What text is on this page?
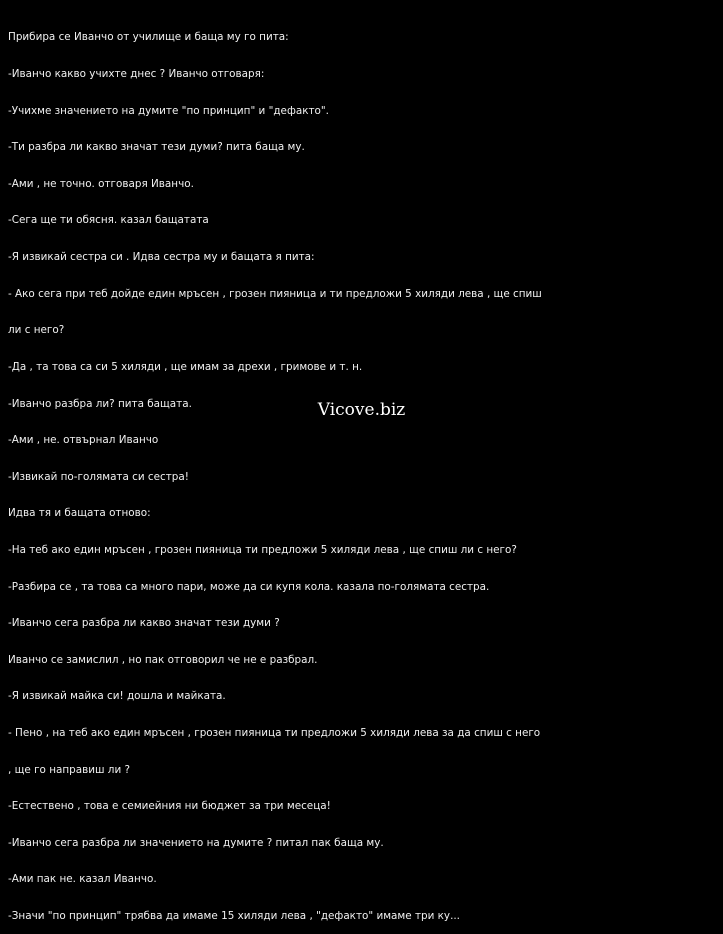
Прибира се Иванчо от училище и баща му го пита:

-Иванчо какво учихте днес ? Иванчо отговаря:

-Учихме значението на думите "по принцип" и "дефакто".

-Ти разбра ли какво значат тези думи? пита баща му.

-Ами , не точно. отговаря Иванчо.

-Сега ще ти обясня. казал бащатата

-Я извикай сестра си . Идва сестра му и бащата я пита:

- Ако сега при теб дойде един мръсен , грозен пияница и ти предложи 5 хиляди лева , ще спиш

ли с него?

-Да , та това са си 5 хиляди , ще имам за дрехи , гримове и т. н.

-Иванчо разбра ли? пита бащата.

-Ами , не. отвърнал Иванчо

-Извикай по-голямата си сестра!

Идва тя и бащата отново:

-На теб ако един мръсен , грозен пияница ти предложи 5 хиляди лева , ще спиш ли с него?

-Разбира се , та това са много пари, може да си купя кола. казала по-голямата сестра.

-Иванчо сега разбра ли какво значат тези думи ?

Иванчо се замислил , но пак отговорил че не е разбрал.

-Я извикай майка си! дошла и майката.

- Пено , на теб ако един мръсен , грозен пияница ти предложи 5 хиляди лева за да спиш с него

, ще го направиш ли ?

-Естествено , това е семиейния ни бюджет за три месеца!

-Иванчо сега разбра ли значението на думите ? питал пак баща му.

-Ами пак не. казал Иванчо.

-Значи "по принцип" трябва да имаме 15 хиляди лева , "дефакто" имаме три ку...

Vicove.biz
